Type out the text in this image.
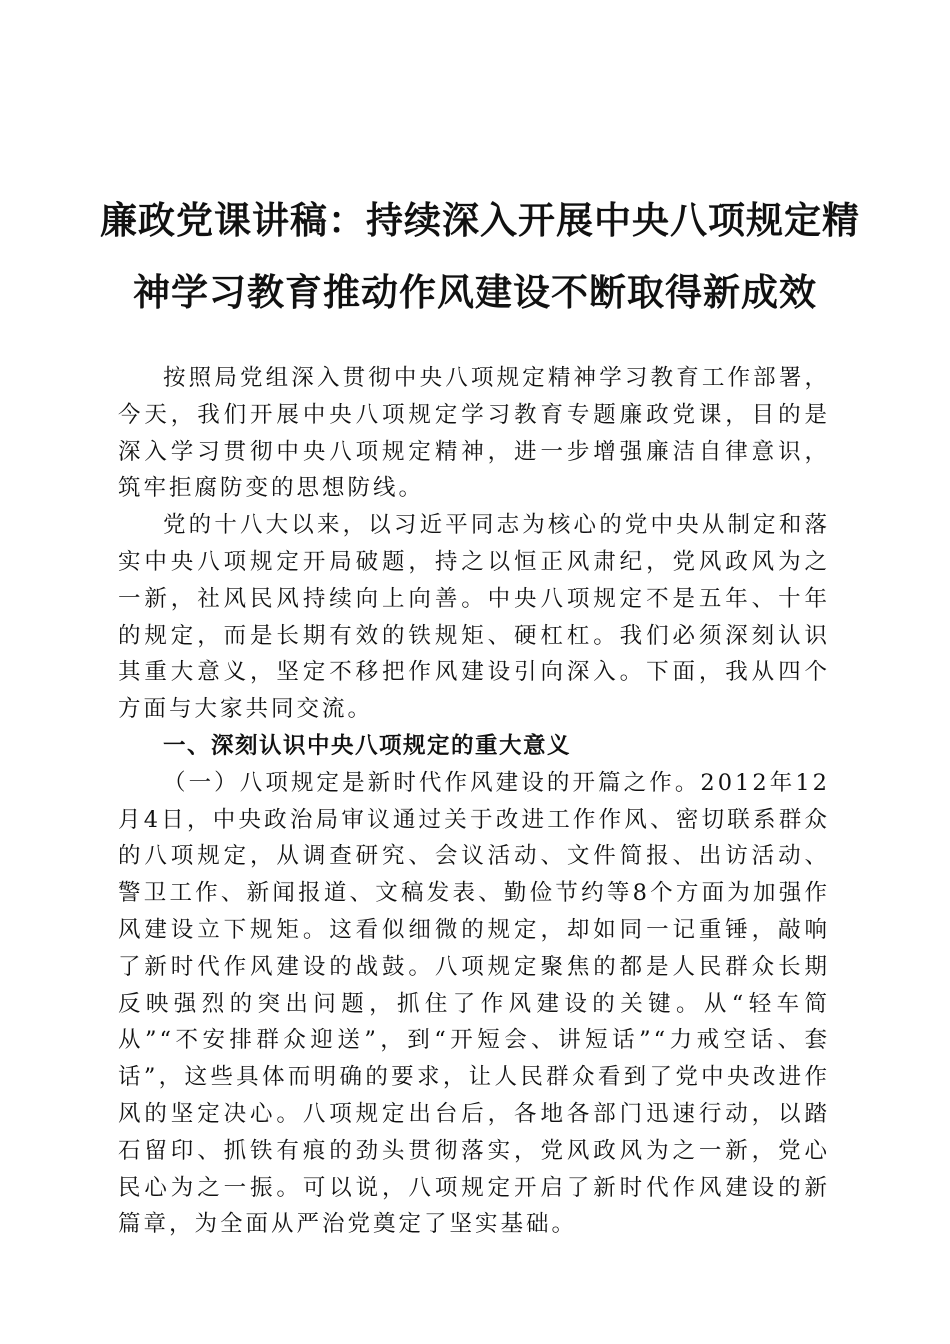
廉政党课讲稿：持续深入开展中央八项规定精
神学习教育推动作风建设不断取得新成效

按照局党组深入贯彻中央八项规定精神学习教育工作部署，今天，我们开展中央八项规定学习教育专题廉政党课，目的是深入学习贯彻中央八项规定精神，进一步增强廉洁自律意识，筑牢拒腐防变的思想防线。

党的十八大以来，以习近平同志为核心的党中央从制定和落实中央八项规定开局破题，持之以恒正风肃纪，党风政风为之一新，社风民风持续向上向善。中央八项规定不是五年、十年的规定，而是长期有效的铁规矩、硬杠杠。我们必须深刻认识其重大意义，坚定不移把作风建设引向深入。下面，我从四个方面与大家共同交流。

一、深刻认识中央八项规定的重大意义

（一）八项规定是新时代作风建设的开篇之作。2012年12月4日，中央政治局审议通过关于改进工作作风、密切联系群众的八项规定，从调查研究、会议活动、文件简报、出访活动、警卫工作、新闻报道、文稿发表、勤俭节约等8个方面为加强作风建设立下规矩。这看似细微的规定，却如同一记重锤，敲响了新时代作风建设的战鼓。八项规定聚焦的都是人民群众长期反映强烈的突出问题，抓住了作风建设的关键。从“轻车简从”“不安排群众迎送”，到“开短会、讲短话”“力戒空话、套话”，这些具体而明确的要求，让人民群众看到了党中央改进作风的坚定决心。八项规定出台后，各地各部门迅速行动，以踏石留印、抓铁有痕的劲头贯彻落实，党风政风为之一新，党心民心为之一振。可以说，八项规定开启了新时代作风建设的新篇章，为全面从严治党奠定了坚实基础。
